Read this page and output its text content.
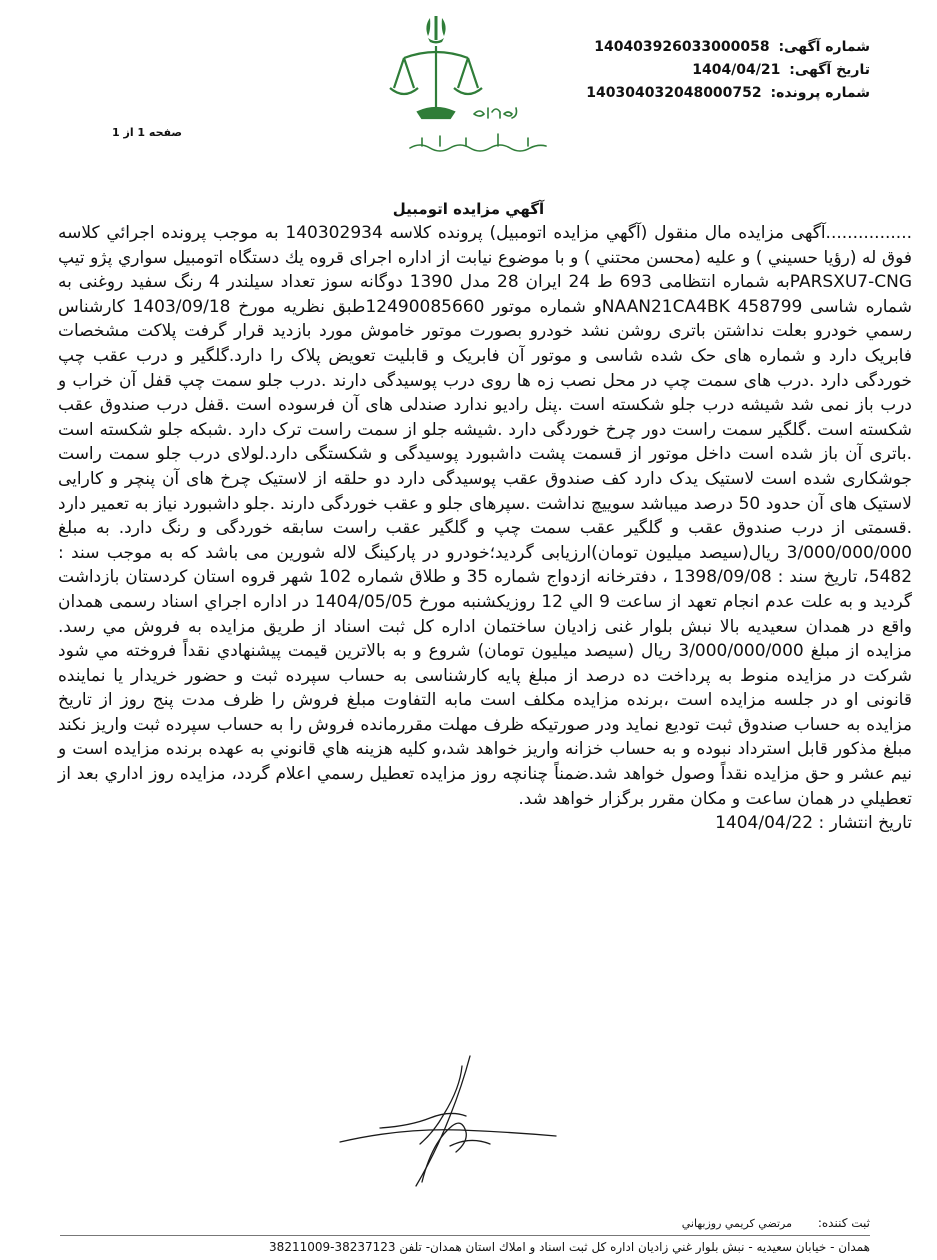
شماره آگهی: 140403926033000058
تاریخ آگهی: 1404/04/21
شماره پرونده: 140304032048000752
صفحه 1 از 1
آگهي مزايده اتومبيل

................آگهی مزایده مال منقول (آگهي مزايده اتومبيل) پرونده کلاسه 140302934 به موجب پرونده اجرائي کلاسه فوق له (رؤيا حسيني ) و عليه (محسن محتني ) و با موضوع نيابت از اداره اجرای قروه يك دستگاه اتومبيل سواري پژو تيپ PARSXU7-CNGبه شماره انتظامی 693 ط 24 ایران 28 مدل 1390 دوگانه سوز تعداد سیلندر 4 رنگ سفید روغنی به شماره شاسی NAAN21CA4BK 458799و شماره موتور 12490085660طبق نظريه مورخ 1403/09/18 کارشناس رسمي خودرو بعلت نداشتن باتری روشن نشد خودرو بصورت موتور خاموش مورد بازديد قرار گرفت پلاکت مشخصات فابریک دارد و شماره های حک شده شاسی و موتور آن فابریک و قابلیت تعویض پلاک را دارد.گلگیر و درب عقب چپ خوردگی دارد .درب های سمت چپ در محل نصب زه ها روی درب پوسیدگی دارند .درب جلو سمت چپ قفل آن خراب و درب باز نمی شد شیشه درب جلو شکسته است .پنل رادیو ندارد صندلی های آن فرسوده است .قفل درب صندوق عقب شکسته است .گلگیر سمت راست دور چرخ خوردگی دارد .شیشه جلو از سمت راست ترک دارد .شبکه جلو شکسته است .باتری آن باز شده است داخل موتور از قسمت پشت داشبورد پوسیدگی و شکستگی دارد.لولای درب جلو سمت راست جوشکاری شده است لاستیک یدک دارد کف صندوق عقب پوسیدگی دارد دو حلقه از لاستیک چرخ های آن پنچر و کارایی لاستیک های آن حدود 50 درصد میباشد سوییچ نداشت .سپرهای جلو و عقب خوردگی دارند .جلو داشبورد نیاز به تعمیر دارد .قسمتی از درب صندوق عقب و گلگیر عقب سمت چپ و گلگیر عقب راست سابقه خوردگی و رنگ دارد. به مبلغ 3/000/000/000 ريال(سیصد میلیون تومان)ارزيابی گرديد؛خودرو در پارکینگ لاله شورين می باشد که به موجب سند : 5482، تاریخ سند : 1398/09/08 ، دفترخانه ازدواج شماره 35 و طلاق شماره 102 شهر قروه استان کردستان بازداشت گردید و به علت عدم انجام تعهد از ساعت 9 الي 12 روزيكشنبه مورخ 1404/05/05 در اداره اجراي اسناد رسمی همدان واقع در همدان سعیدیه بالا نبش بلوار غنی زادیان ساختمان اداره کل ثبت اسناد از طريق مزايده به فروش مي رسد. مزايده از مبلغ 3/000/000/000 ريال (سیصد میلیون تومان) شروع و به بالاترين قيمت پيشنهادي نقداً فروخته مي شود شرکت در مزایده منوط به پرداخت ده درصد از مبلغ پایه کارشناسی به حساب سپرده ثبت و حضور خریدار یا نماینده قانونی او در جلسه مزایده است ،برنده مزایده مکلف است مابه التفاوت مبلغ فروش را ظرف مدت پنج روز از تاریخ مزایده به حساب صندوق ثبت تودیع نماید ودر صورتیکه ظرف مهلت مقررمانده فروش را به حساب سپرده ثبت واریز نکند مبلغ مذکور قابل استرداد نبوده و به حساب خزانه واریز خواهد شد،و کليه هزينه هاي قانوني به عهده برنده مزايده است و نيم عشر و حق مزايده نقداً وصول خواهد شد.ضمناً چنانچه روز مزايده تعطيل رسمي اعلام گردد، مزايده روز اداري بعد از تعطيلي در همان ساعت و مكان مقرر برگزار خواهد شد.

تاريخ انتشار : 1404/04/22
ثبت کننده: مرتضي كريمي روزبهاني
همدان - خيابان سعيديه - نبش بلوار غني زاديان اداره كل ثبت اسناد و املاك استان همدان- تلفن 38237123-38211009
